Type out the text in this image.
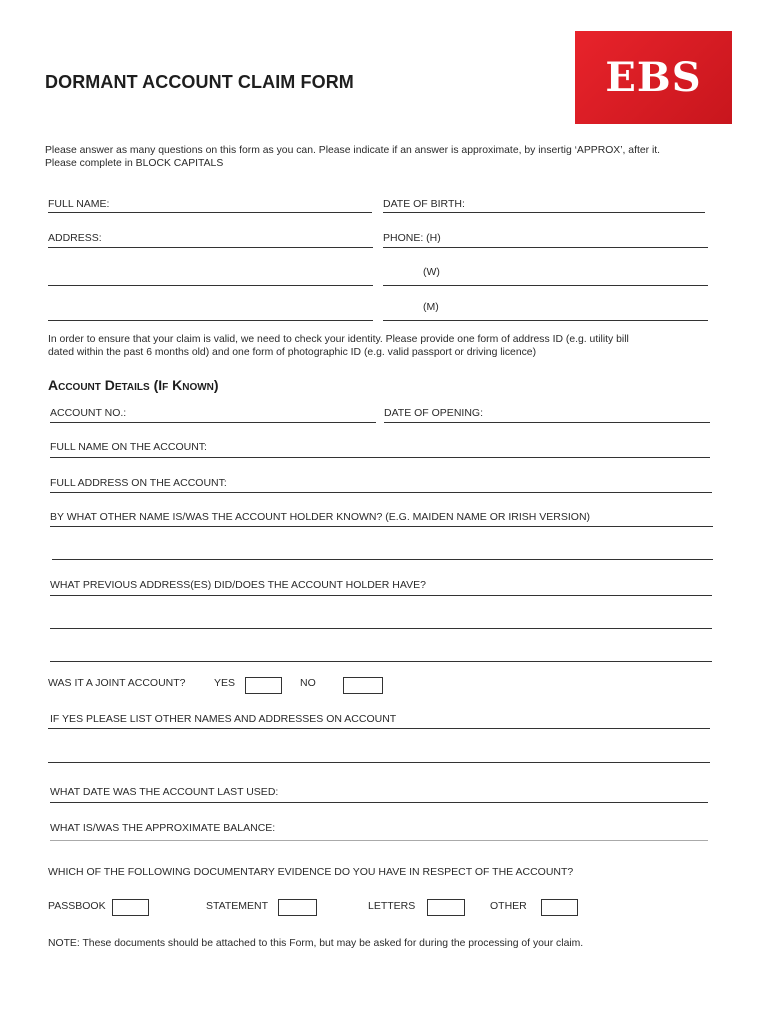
DORMANT ACCOUNT CLAIM FORM	EBS
Please answer as many questions on this form as you can. Please indicate if an answer is approximate, by insertig ‘APPROX’, after it.
Please complete in BLOCK CAPITALS
FULL NAME:	DATE OF BIRTH:
ADDRESS:	PHONE: (H)
(W)
(M)
In order to ensure that your claim is valid, we need to check your identity. Please provide one form of address ID (e.g. utility bill
dated within the past 6 months old) and one form of photographic ID (e.g. valid passport or driving licence)
Account Details (If Known)
ACCOUNT NO.:	DATE OF OPENING:
FULL NAME ON THE ACCOUNT:
FULL ADDRESS ON THE ACCOUNT:
BY WHAT OTHER NAME IS/WAS THE ACCOUNT HOLDER KNOWN? (E.G. MAIDEN NAME OR IRISH VERSION)
WHAT PREVIOUS ADDRESS(ES) DID/DOES THE ACCOUNT HOLDER HAVE?
WAS IT A JOINT ACCOUNT?	YES	NO
IF YES PLEASE LIST OTHER NAMES AND ADDRESSES ON ACCOUNT
WHAT DATE WAS THE ACCOUNT LAST USED:
WHAT IS/WAS THE APPROXIMATE BALANCE:
WHICH OF THE FOLLOWING DOCUMENTARY EVIDENCE DO YOU HAVE IN RESPECT OF THE ACCOUNT?
PASSBOOK	STATEMENT	LETTERS	OTHER
NOTE: These documents should be attached to this Form, but may be asked for during the processing of your claim.
